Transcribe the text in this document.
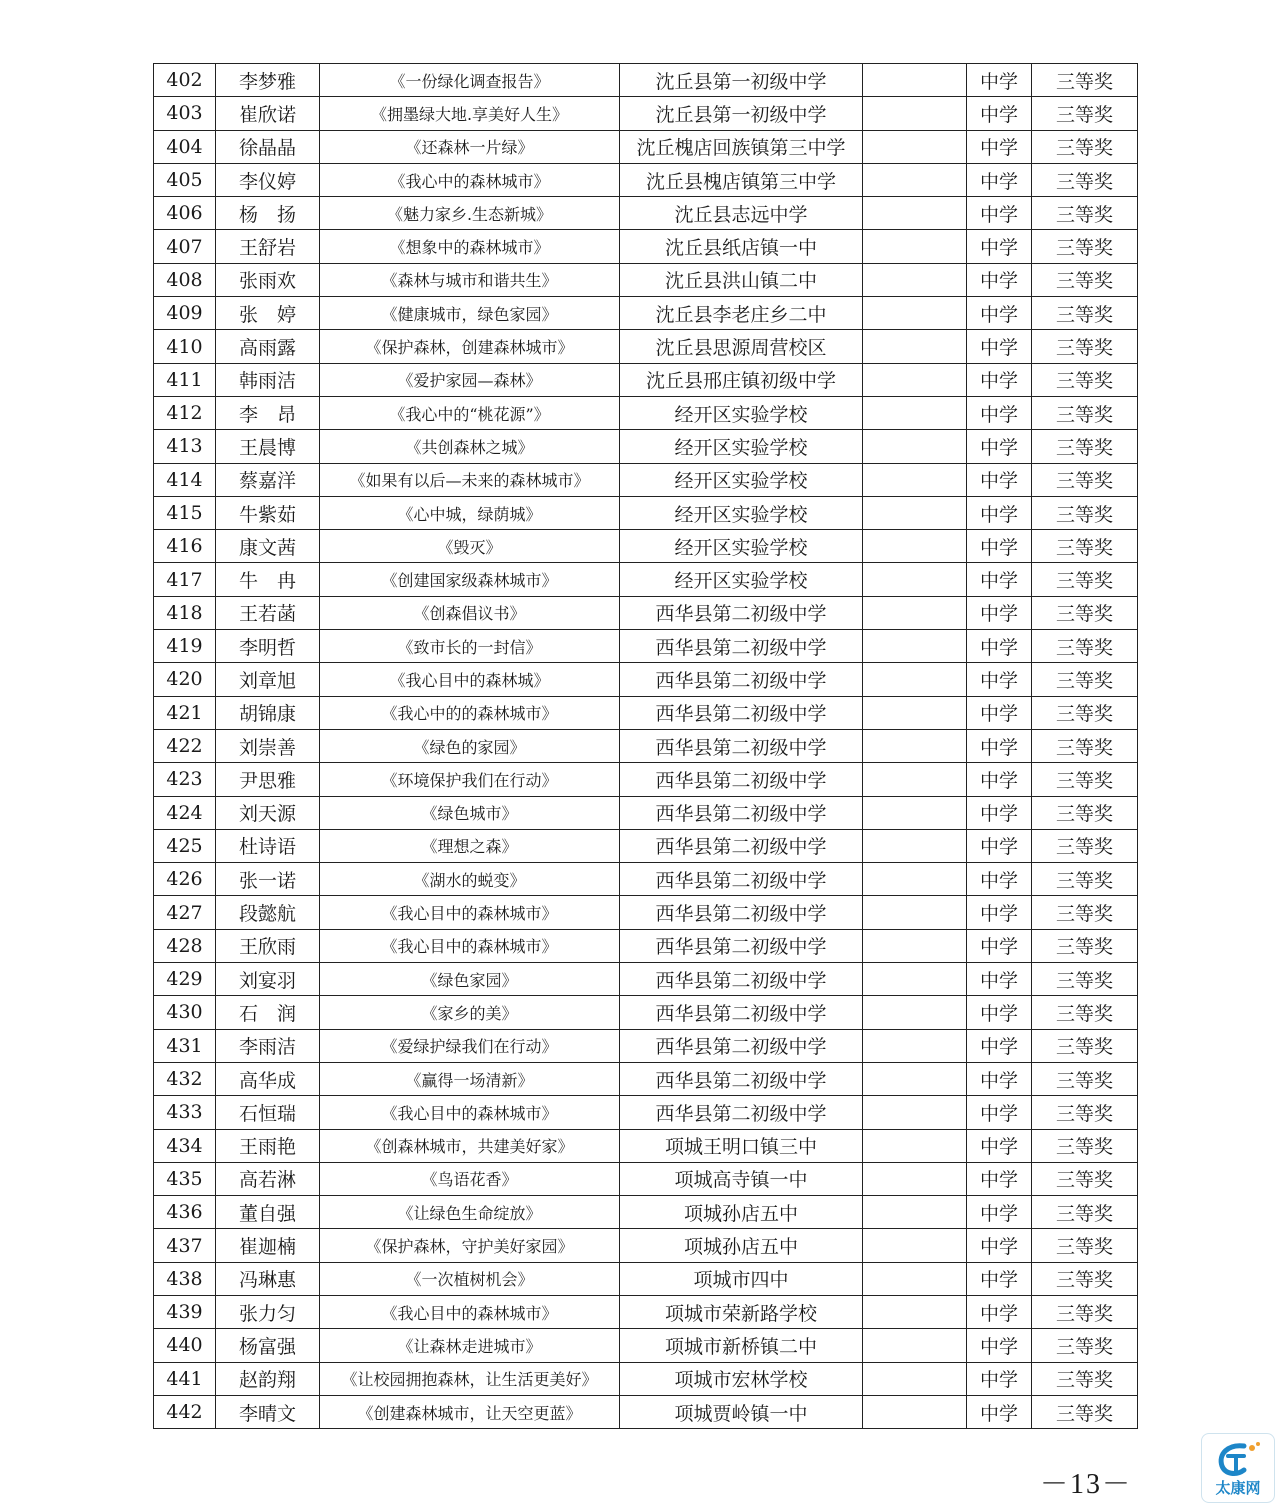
402	李梦雅	《一份绿化调查报告》	沈丘县第一初级中学		中学	三等奖
403	崔欣诺	《拥墨绿大地.享美好人生》	沈丘县第一初级中学		中学	三等奖
404	徐晶晶	《还森林一片绿》	沈丘槐店回族镇第三中学		中学	三等奖
405	李仪婷	《我心中的森林城市》	沈丘县槐店镇第三中学		中学	三等奖
406	杨　扬	《魅力家乡.生态新城》	沈丘县志远中学		中学	三等奖
407	王舒岩	《想象中的森林城市》	沈丘县纸店镇一中		中学	三等奖
408	张雨欢	《森林与城市和谐共生》	沈丘县洪山镇二中		中学	三等奖
409	张　婷	《健康城市，绿色家园》	沈丘县李老庄乡二中		中学	三等奖
410	高雨露	《保护森林，创建森林城市》	沈丘县思源周营校区		中学	三等奖
411	韩雨洁	《爱护家园—森林》	沈丘县邢庄镇初级中学		中学	三等奖
412	李　昂	《我心中的“桃花源”》	经开区实验学校		中学	三等奖
413	王晨博	《共创森林之城》	经开区实验学校		中学	三等奖
414	蔡嘉洋	《如果有以后—未来的森林城市》	经开区实验学校		中学	三等奖
415	牛紫茹	《心中城，绿荫城》	经开区实验学校		中学	三等奖
416	康文茜	《毁灭》	经开区实验学校		中学	三等奖
417	牛　冉	《创建国家级森林城市》	经开区实验学校		中学	三等奖
418	王若菡	《创森倡议书》	西华县第二初级中学		中学	三等奖
419	李明哲	《致市长的一封信》	西华县第二初级中学		中学	三等奖
420	刘章旭	《我心目中的森林城》	西华县第二初级中学		中学	三等奖
421	胡锦康	《我心中的的森林城市》	西华县第二初级中学		中学	三等奖
422	刘崇善	《绿色的家园》	西华县第二初级中学		中学	三等奖
423	尹思雅	《环境保护我们在行动》	西华县第二初级中学		中学	三等奖
424	刘天源	《绿色城市》	西华县第二初级中学		中学	三等奖
425	杜诗语	《理想之森》	西华县第二初级中学		中学	三等奖
426	张一诺	《湖水的蜕变》	西华县第二初级中学		中学	三等奖
427	段懿航	《我心目中的森林城市》	西华县第二初级中学		中学	三等奖
428	王欣雨	《我心目中的森林城市》	西华县第二初级中学		中学	三等奖
429	刘宴羽	《绿色家园》	西华县第二初级中学		中学	三等奖
430	石　润	《家乡的美》	西华县第二初级中学		中学	三等奖
431	李雨洁	《爱绿护绿我们在行动》	西华县第二初级中学		中学	三等奖
432	高华成	《赢得一场清新》	西华县第二初级中学		中学	三等奖
433	石恒瑞	《我心目中的森林城市》	西华县第二初级中学		中学	三等奖
434	王雨艳	《创森林城市，共建美好家》	项城王明口镇三中		中学	三等奖
435	高若淋	《鸟语花香》	项城高寺镇一中		中学	三等奖
436	董自强	《让绿色生命绽放》	项城孙店五中		中学	三等奖
437	崔迦楠	《保护森林，守护美好家园》	项城孙店五中		中学	三等奖
438	冯琳惠	《一次植树机会》	项城市四中		中学	三等奖
439	张力匀	《我心目中的森林城市》	项城市荣新路学校		中学	三等奖
440	杨富强	《让森林走进城市》	项城市新桥镇二中		中学	三等奖
441	赵韵翔	《让校园拥抱森林，让生活更美好》	项城市宏林学校		中学	三等奖
442	李晴文	《创建森林城市，让天空更蓝》	项城贾岭镇一中		中学	三等奖
－13－	太康网
